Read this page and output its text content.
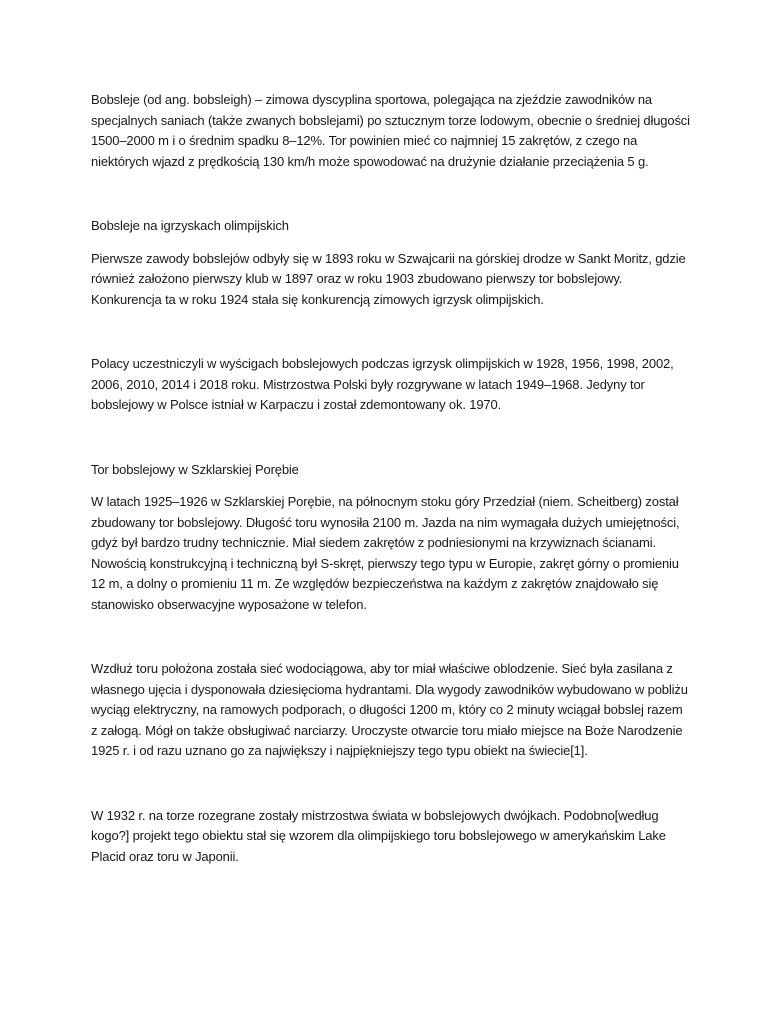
Bobsleje (od ang. bobsleigh) – zimowa dyscyplina sportowa, polegająca na zjeździe zawodników na specjalnych saniach (także zwanych bobslejami) po sztucznym torze lodowym, obecnie o średniej długości 1500–2000 m i o średnim spadku 8–12%. Tor powinien mieć co najmniej 15 zakrętów, z czego na niektórych wjazd z prędkością 130 km/h może spowodować na drużynie działanie przeciążenia 5 g.

Bobsleje na igrzyskach olimpijskich

Pierwsze zawody bobslejów odbyły się w 1893 roku w Szwajcarii na górskiej drodze w Sankt Moritz, gdzie również założono pierwszy klub w 1897 oraz w roku 1903 zbudowano pierwszy tor bobslejowy. Konkurencja ta w roku 1924 stała się konkurencją zimowych igrzysk olimpijskich.

Polacy uczestniczyli w wyścigach bobslejowych podczas igrzysk olimpijskich w 1928, 1956, 1998, 2002, 2006, 2010, 2014 i 2018 roku. Mistrzostwa Polski były rozgrywane w latach 1949–1968. Jedyny tor bobslejowy w Polsce istniał w Karpaczu i został zdemontowany ok. 1970.

Tor bobslejowy w Szklarskiej Porębie

W latach 1925–1926 w Szklarskiej Porębie, na północnym stoku góry Przedział (niem. Scheitberg) został zbudowany tor bobslejowy. Długość toru wynosiła 2100 m. Jazda na nim wymagała dużych umiejętności, gdyż był bardzo trudny technicznie. Miał siedem zakrętów z podniesionymi na krzywiznach ścianami. Nowością konstrukcyjną i techniczną był S-skręt, pierwszy tego typu w Europie, zakręt górny o promieniu 12 m, a dolny o promieniu 11 m. Ze względów bezpieczeństwa na każdym z zakrętów znajdowało się stanowisko obserwacyjne wyposażone w telefon.

Wzdłuż toru położona została sieć wodociągowa, aby tor miał właściwe oblodzenie. Sieć była zasilana z własnego ujęcia i dysponowała dziesięcioma hydrantami. Dla wygody zawodników wybudowano w pobliżu wyciąg elektryczny, na ramowych podporach, o długości 1200 m, który co 2 minuty wciągał bobslej razem z załogą. Mógł on także obsługiwać narciarzy. Uroczyste otwarcie toru miało miejsce na Boże Narodzenie 1925 r. i od razu uznano go za największy i najpiękniejszy tego typu obiekt na świecie[1].

W 1932 r. na torze rozegrane zostały mistrzostwa świata w bobslejowych dwójkach. Podobno[według kogo?] projekt tego obiektu stał się wzorem dla olimpijskiego toru bobslejowego w amerykańskim Lake Placid oraz toru w Japonii.
